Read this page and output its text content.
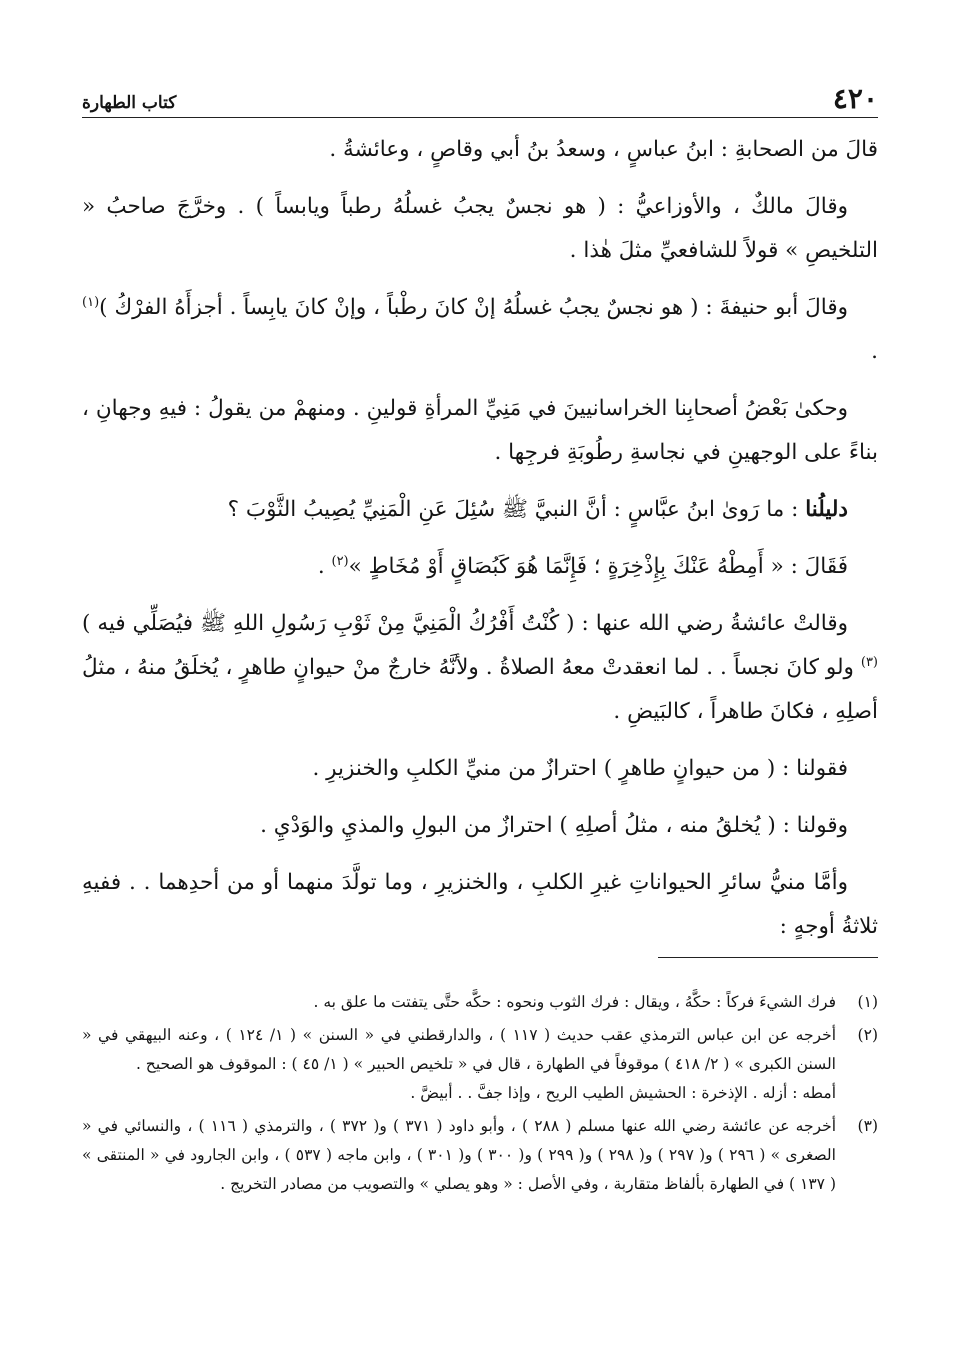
٤٢٠
كتاب الطهارة

قالَ من الصحابةِ : ابنُ عباسٍ ، وسعدُ بنُ أبي وقاصٍ ، وعائشةُ .

وقالَ مالكٌ ، والأوزاعيُّ : ( هو نجسٌ يجبُ غسلُهُ رطباً ويابساً ) . وخرَّجَ صاحبُ « التلخيصِ » قولاً للشافعيِّ مثلَ هٰذا .

وقالَ أبو حنيفةَ : ( هو نجسٌ يجبُ غسلُهُ إنْ كانَ رطْباً ، وإنْ كانَ يابِساً . أجزأَهُ الفرْكُ )$^{(١)}$ .

وحكىٰ بَعْضُ أصحابِنا الخراسانيينَ في مَنِيِّ المرأةِ قولينِ . ومنهمْ من يقولُ : فيهِ وجهانِ ، بناءً على الوجهينِ في نجاسةِ رطُوبَةِ فرجِها .

دليلُنا : ما رَوىٰ ابنُ عبَّاسٍ : أنَّ النبيَّ ﷺ سُئِلَ عَنِ الْمَنِيِّ يُصِيبُ الثَّوْبَ ؟

فَقَالَ : « أَمِطْهُ عَنْكَ بِإِذْخِرَةٍ ؛ فَإِنَّمَا هُوَ كَبُصَاقٍ أَوْ مُخَاطٍ »$^{(٢)}$ .

وقالتْ عائشةُ رضي الله عنها : ( كُنْتُ أَفْرُكُ الْمَنِيَّ مِنْ ثَوْبِ رَسُولِ اللهِ ﷺ فيُصَلِّي فيه )$^{(٣)}$ ولو كانَ نجساً . . لما انعقدتْ معهُ الصلاةُ . ولأنَّهُ خارجٌ منْ حيوانٍ طاهرٍ ، يُخلَقُ منهُ ، مثلُ أصلِهِ ، فكانَ طاهراً ، كالبَيضِ .

فقولنا : ( من حيوانٍ طاهرٍ ) احترازٌ من منيِّ الكلبِ والخنزيرِ .

وقولنا : ( يُخلقُ منه ، مثلُ أصلِهِ ) احترازٌ من البولِ والمذيِ والوَدْيِ .

وأمَّا منيُّ سائرِ الحيواناتِ غيرِ الكلبِ ، والخنزيرِ ، وما تولَّدَ منهما أو من أحدِهما . . ففيهِ ثلاثةُ أوجهٍ :

(١)
فرك الشيءَ فركاً : حكَّهُ ، ويقال : فرك الثوب ونحوه : حكَّه حتَّى يتفتت ما علق به .
(٢)
أخرجه عن ابن عباس الترمذي عقب حديث ( ١١٧ ) ، والدارقطني في « السنن » ( ١/ ١٢٤ ) ، وعنه البيهقي في « السنن الكبرى » ( ٢/ ٤١٨ ) موقوفاً في الطهارة ، قال في « تلخيص الحبير » ( ١/ ٤٥ ) : الموقوف هو الصحيح .
أمطه : أزله . الإذخرة : الحشيش الطيب الريح ، وإذا جفَّ . . أبيضَّ .
(٣)
أخرجه عن عائشة رضي الله عنها مسلم ( ٢٨٨ ) ، وأبو داود ( ٣٧١ ) و( ٣٧٢ ) ، والترمذي ( ١١٦ ) ، والنسائي في « الصغرى » ( ٢٩٦ ) و( ٢٩٧ ) و( ٢٩٨ ) و( ٢٩٩ ) و( ٣٠٠ ) و( ٣٠١ ) ، وابن ماجه ( ٥٣٧ ) ، وابن الجارود في « المنتقى » ( ١٣٧ ) في الطهارة بألفاظ متقاربة ، وفي الأصل : « وهو يصلي » والتصويب من مصادر التخريج .
